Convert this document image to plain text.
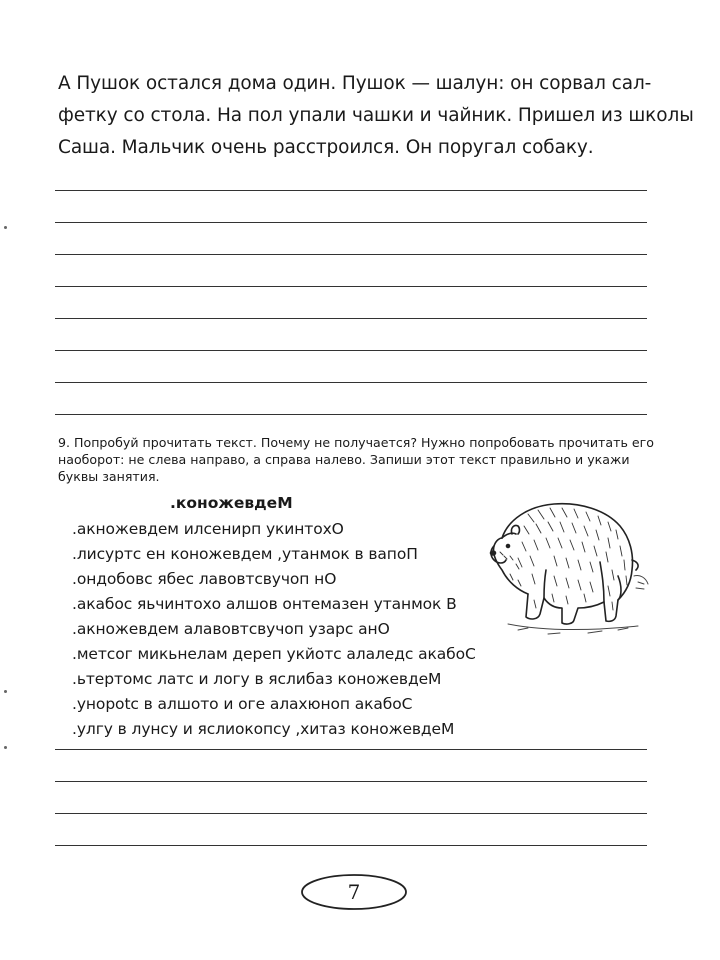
А Пушок остался дома один. Пушок — шалун: он сорвал сал-
фетку со стола. На пол упали чашки и чайник. Пришел из школы
Саша. Мальчик очень расстроился. Он поругал собаку.
9. Попробуй прочитать текст. Почему не получается? Нужно попробовать прочитать его
наоборот: не слева направо, а справа налево. Запиши этот текст правильно и укажи
буквы занятия.
.коножевдеМ
.акножевдем илсенирп укинтохО
.лисуртс ен коножевдем ,утанмок в вапоП
.ондобовс ябес лавовтсвучоп нО
.акабос яьчинтохо алшов онтемазен утанмок В
.акножевдем алавовтсвучоп узарс анО
.метсог микьнелам дереп укйотс алаледс акабоС
.ьтертомс латс и логу в яслибаз коножевдеМ
.унороtс в алшото и оге алахюноп акабоС
.улгу в лунсу и яслиокопсу ,хитаз коножевдеМ
7
